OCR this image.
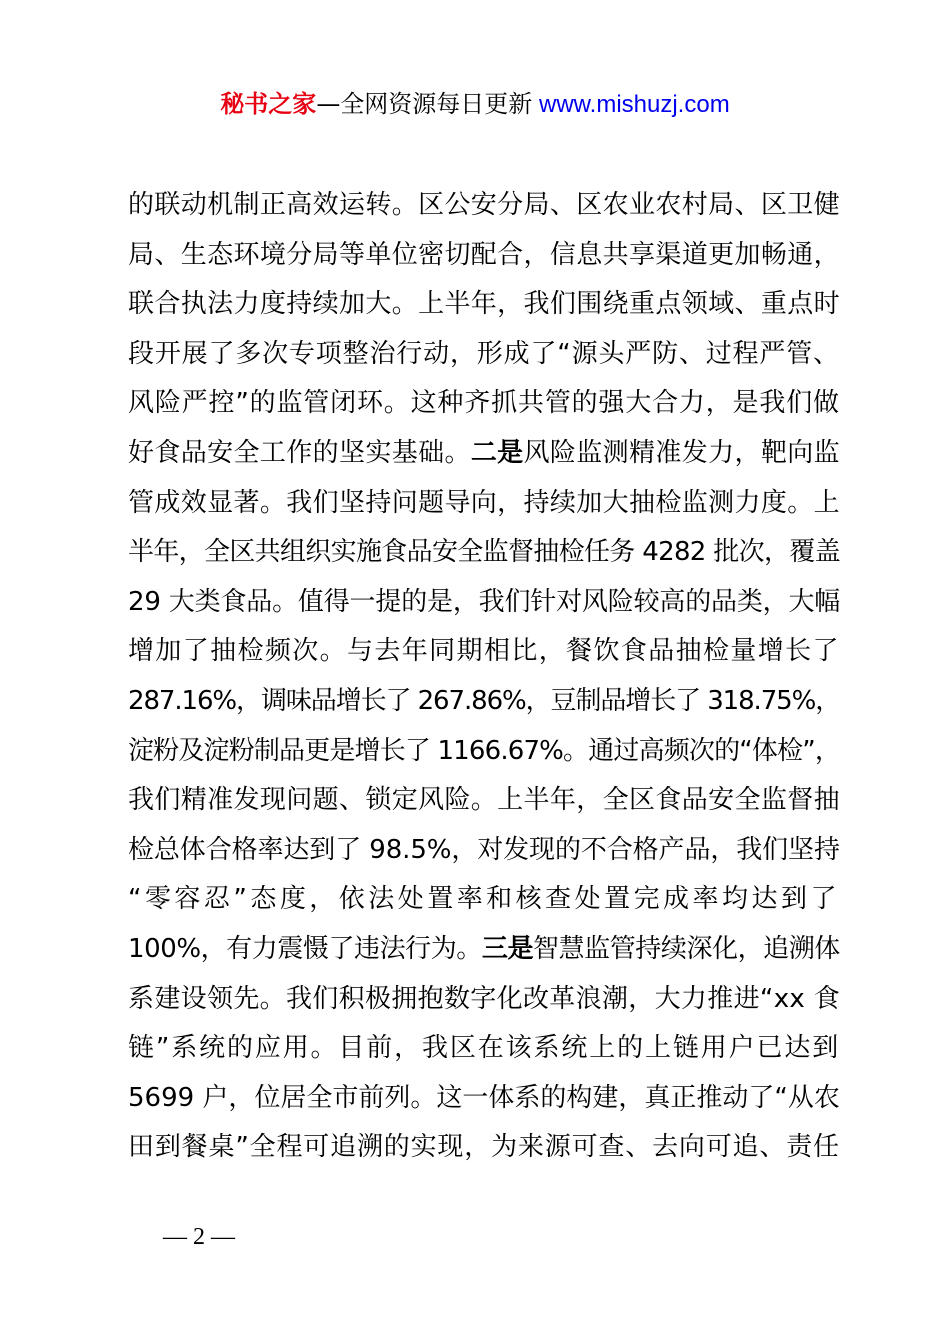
秘书之家—全网资源每日更新 www.mishuzj.com
的联动机制正高效运转。区公安分局、区农业农村局、区卫健
局、生态环境分局等单位密切配合，信息共享渠道更加畅通，
联合执法力度持续加大。上半年，我们围绕重点领域、重点时
段开展了多次专项整治行动，形成了“源头严防、过程严管、
风险严控”的监管闭环。这种齐抓共管的强大合力，是我们做
好食品安全工作的坚实基础。二是风险监测精准发力，靶向监
管成效显著。我们坚持问题导向，持续加大抽检监测力度。上
半年，全区共组织实施食品安全监督抽检任务 4282 批次，覆盖
29 大类食品。值得一提的是，我们针对风险较高的品类，大幅
增加了抽检频次。与去年同期相比，餐饮食品抽检量增长了
287.16%，调味品增长了 267.86%，豆制品增长了 318.75%，
淀粉及淀粉制品更是增长了 1166.67%。通过高频次的“体检”，
我们精准发现问题、锁定风险。上半年，全区食品安全监督抽
检总体合格率达到了 98.5%，对发现的不合格产品，我们坚持
“零容忍”态度，依法处置率和核查处置完成率均达到了
100%，有力震慑了违法行为。三是智慧监管持续深化，追溯体
系建设领先。我们积极拥抱数字化改革浪潮，大力推进“xx 食
链”系统的应用。目前，我区在该系统上的上链用户已达到
5699 户，位居全市前列。这一体系的构建，真正推动了“从农
田到餐桌”全程可追溯的实现，为来源可查、去向可追、责任
— 2 —
